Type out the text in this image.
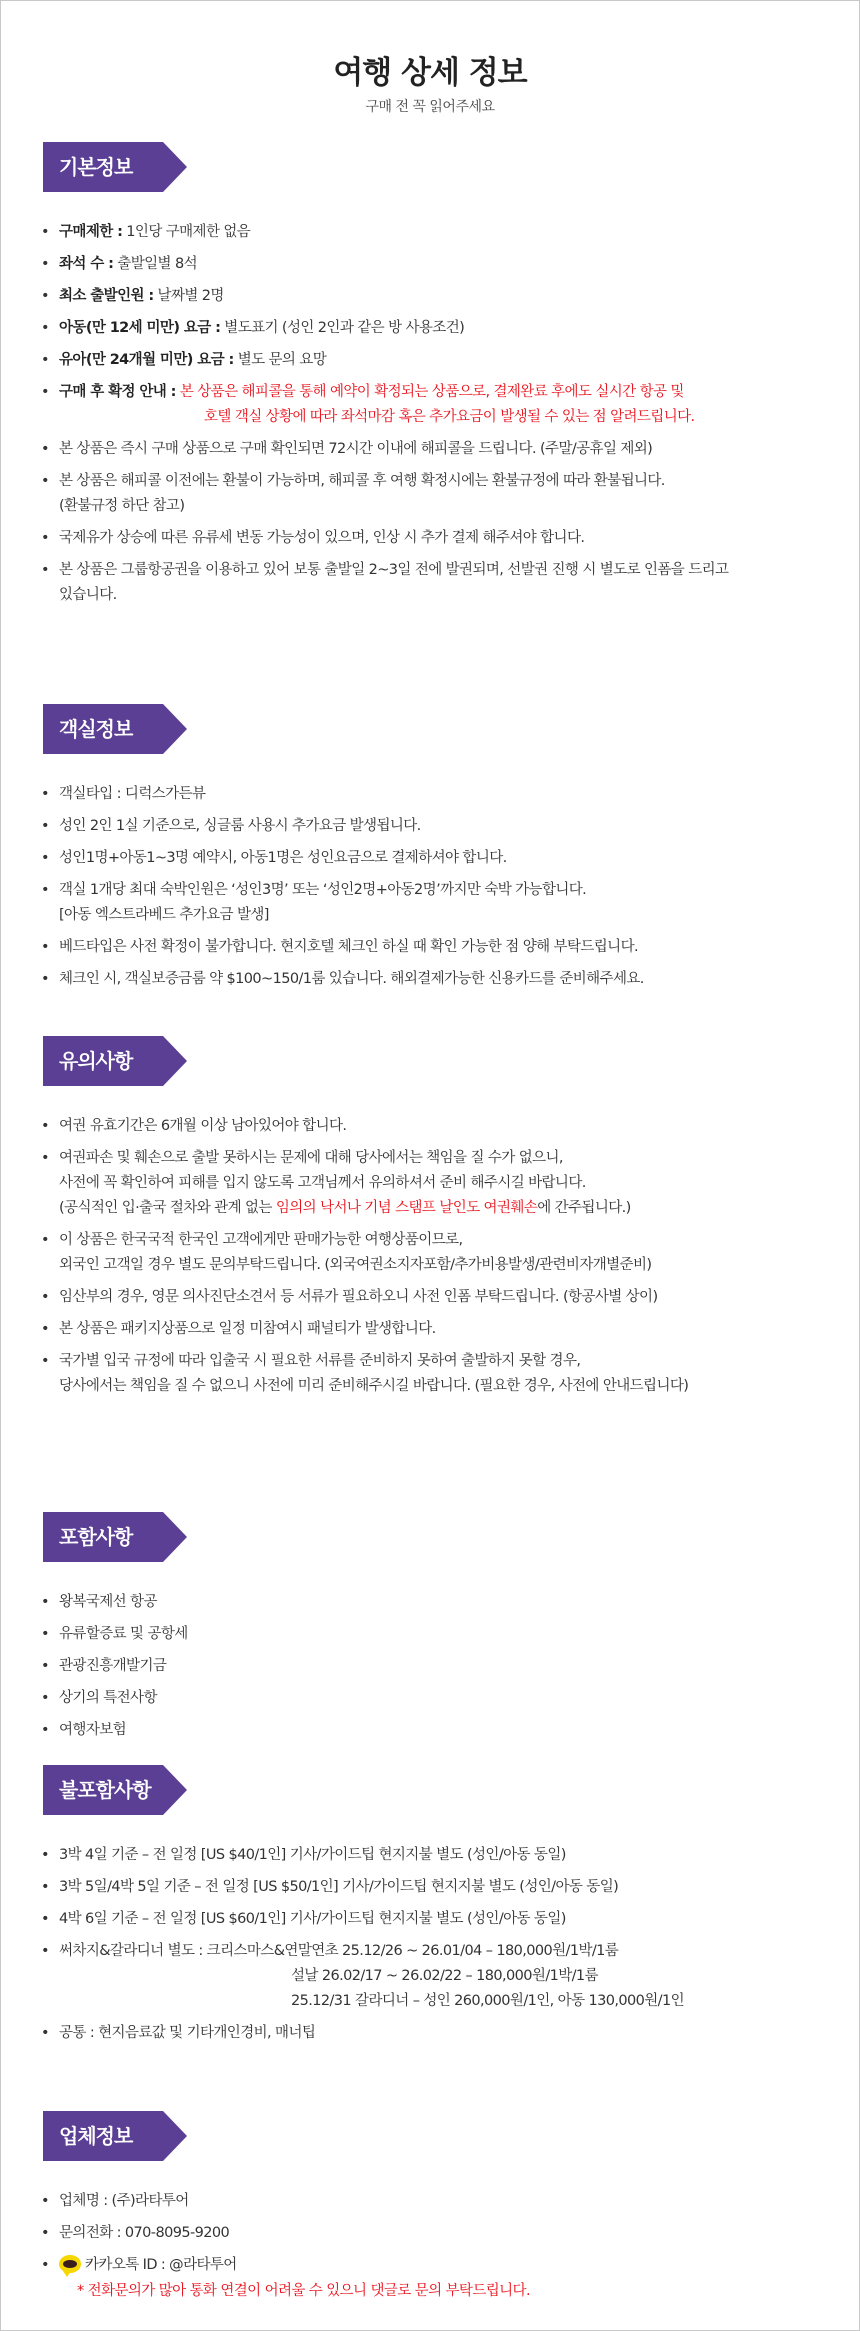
여행 상세 정보
구매 전 꼭 읽어주세요
기본정보
• 구매제한 : 1인당 구매제한 없음
• 좌석 수 : 출발일별 8석
• 최소 출발인원 : 날짜별 2명
• 아동(만 12세 미만) 요금 : 별도표기 (성인 2인과 같은 방 사용조건)
• 유아(만 24개월 미만) 요금 : 별도 문의 요망
• 구매 후 확정 안내 : 본 상품은 해피콜을 통해 예약이 확정되는 상품으로, 결제완료 후에도 실시간 항공 및
호텔 객실 상황에 따라 좌석마감 혹은 추가요금이 발생될 수 있는 점 알려드립니다.
• 본 상품은 즉시 구매 상품으로 구매 확인되면 72시간 이내에 해피콜을 드립니다. (주말/공휴일 제외)
• 본 상품은 해피콜 이전에는 환불이 가능하며, 해피콜 후 여행 확정시에는 환불규정에 따라 환불됩니다.
(환불규정 하단 참고)
• 국제유가 상승에 따른 유류세 변동 가능성이 있으며, 인상 시 추가 결제 해주셔야 합니다.
• 본 상품은 그룹항공권을 이용하고 있어 보통 출발일 2~3일 전에 발권되며, 선발권 진행 시 별도로 인폼을 드리고
있습니다.
객실정보
• 객실타입 : 디럭스가든뷰
• 성인 2인 1실 기준으로, 싱글룸 사용시 추가요금 발생됩니다.
• 성인1명+아동1~3명 예약시, 아동1명은 성인요금으로 결제하셔야 합니다.
• 객실 1개당 최대 숙박인원은 ‘성인3명’ 또는 ‘성인2명+아동2명’까지만 숙박 가능합니다.
[아동 엑스트라베드 추가요금 발생]
• 베드타입은 사전 확정이 불가합니다. 현지호텔 체크인 하실 때 확인 가능한 점 양해 부탁드립니다.
• 체크인 시, 객실보증금룸 약 $100~150/1룸 있습니다. 해외결제가능한 신용카드를 준비해주세요.
유의사항
• 여권 유효기간은 6개월 이상 남아있어야 합니다.
• 여권파손 및 훼손으로 출발 못하시는 문제에 대해 당사에서는 책임을 질 수가 없으니,
사전에 꼭 확인하여 피해를 입지 않도록 고객님께서 유의하셔서 준비 해주시길 바랍니다.
(공식적인 입·출국 절차와 관계 없는 임의의 낙서나 기념 스탬프 날인도 여권훼손에 간주됩니다.)
• 이 상품은 한국국적 한국인 고객에게만 판매가능한 여행상품이므로,
외국인 고객일 경우 별도 문의부탁드립니다. (외국여권소지자포함/추가비용발생/관련비자개별준비)
• 임산부의 경우, 영문 의사진단소견서 등 서류가 필요하오니 사전 인폼 부탁드립니다. (항공사별 상이)
• 본 상품은 패키지상품으로 일정 미참여시 패널티가 발생합니다.
• 국가별 입국 규정에 따라 입출국 시 필요한 서류를 준비하지 못하여 출발하지 못할 경우,
당사에서는 책임을 질 수 없으니 사전에 미리 준비해주시길 바랍니다. (필요한 경우, 사전에 안내드립니다)
포함사항
• 왕복국제선 항공
• 유류할증료 및 공항세
• 관광진흥개발기금
• 상기의 특전사항
• 여행자보험
불포함사항
• 3박 4일 기준 – 전 일정 [US $40/1인] 기사/가이드팁 현지지불 별도 (성인/아동 동일)
• 3박 5일/4박 5일 기준 – 전 일정 [US $50/1인] 기사/가이드팁 현지지불 별도 (성인/아동 동일)
• 4박 6일 기준 – 전 일정 [US $60/1인] 기사/가이드팁 현지지불 별도 (성인/아동 동일)
• 써차지&갈라디너 별도 : 크리스마스&연말연초 25.12/26 ~ 26.01/04 – 180,000원/1박/1룸
설날 26.02/17 ~ 26.02/22 – 180,000원/1박/1룸
25.12/31 갈라디너 – 성인 260,000원/1인, 아동 130,000원/1인
• 공통 : 현지음료값 및 기타개인경비, 매너팁
업체정보
• 업체명 : (주)라타투어
• 문의전화 : 070-8095-9200
• 카카오톡 ID : @라타투어
* 전화문의가 많아 통화 연결이 어려울 수 있으니 댓글로 문의 부탁드립니다.
